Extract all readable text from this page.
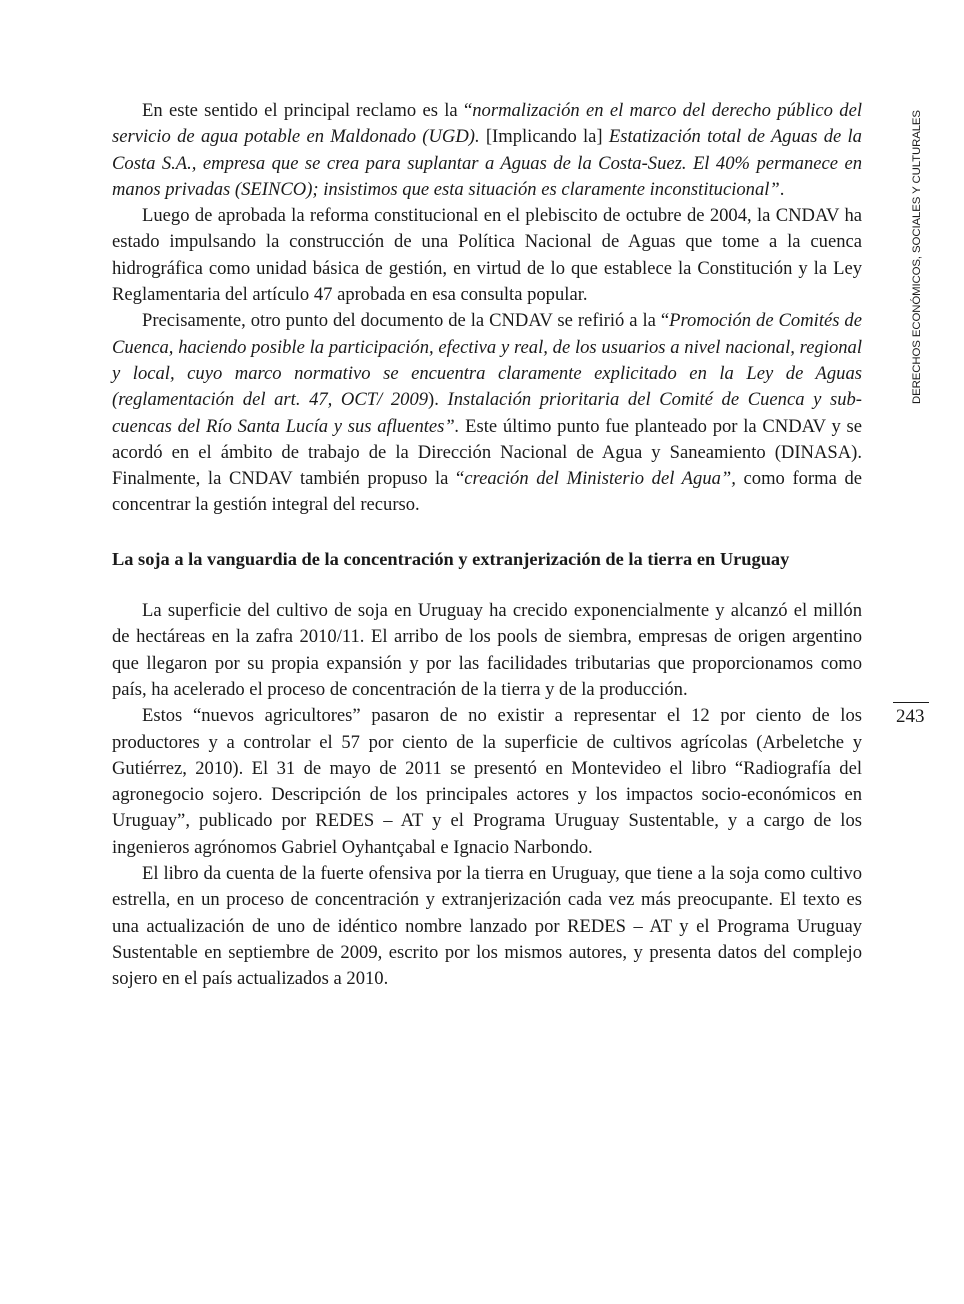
En este sentido el principal reclamo es la “normalización en el marco del derecho público del servicio de agua potable en Maldonado (UGD). [Implicando la] Estatización total de Aguas de la Costa S.A., empresa que se crea para suplantar a Aguas de la Costa-Suez. El 40% permanece en manos privadas (SEINCO); insistimos que esta situación es claramente inconstitucional”.

Luego de aprobada la reforma constitucional en el plebiscito de octubre de 2004, la CNDAV ha estado impulsando la construcción de una Política Nacional de Aguas que tome a la cuenca hidrográfica como unidad básica de gestión, en virtud de lo que establece la Constitución y la Ley Reglamentaria del artículo 47 aprobada en esa consulta popular.

Precisamente, otro punto del documento de la CNDAV se refirió a la “Promoción de Comités de Cuenca, haciendo posible la participación, efectiva y real, de los usuarios a nivel nacional, regional y local, cuyo marco normativo se encuentra claramente explicitado en la Ley de Aguas (reglamentación del art. 47, OCT/ 2009). Instalación prioritaria del Comité de Cuenca y sub-cuencas del Río Santa Lucía y sus afluentes”. Este último punto fue planteado por la CNDAV y se acordó en el ámbito de trabajo de la Dirección Nacional de Agua y Saneamiento (DINASA). Finalmente, la CNDAV también propuso la “creación del Ministerio del Agua”, como forma de concentrar la gestión integral del recurso.

La soja a la vanguardia de la concentración y extranjerización de la tierra en Uruguay

La superficie del cultivo de soja en Uruguay ha crecido exponencialmente y alcanzó el millón de hectáreas en la zafra 2010/11. El arribo de los pools de siembra, empresas de origen argentino que llegaron por su propia expansión y por las facilidades tributarias que proporcionamos como país, ha acelerado el proceso de concentración de la tierra y de la producción.

Estos “nuevos agricultores” pasaron de no existir a representar el 12 por ciento de los productores y a controlar el 57 por ciento de la superficie de cultivos agrícolas (Arbeletche y Gutiérrez, 2010). El 31 de mayo de 2011 se presentó en Montevideo el libro “Radiografía del agronegocio sojero. Descripción de los principales actores y los impactos socio-económicos en Uruguay”, publicado por REDES – AT y el Programa Uruguay Sustentable, y a cargo de los ingenieros agrónomos Gabriel Oyhantçabal e Ignacio Narbondo.

El libro da cuenta de la fuerte ofensiva por la tierra en Uruguay, que tiene a la soja como cultivo estrella, en un proceso de concentración y extranjerización cada vez más preocupante. El texto es una actualización de uno de idéntico nombre lanzado por REDES – AT y el Programa Uruguay Sustentable en septiembre de 2009, escrito por los mismos autores, y presenta datos del complejo sojero en el país actualizados a 2010.

DERECHOS ECONÓMICOS, SOCIALES Y CULTURALES
243
